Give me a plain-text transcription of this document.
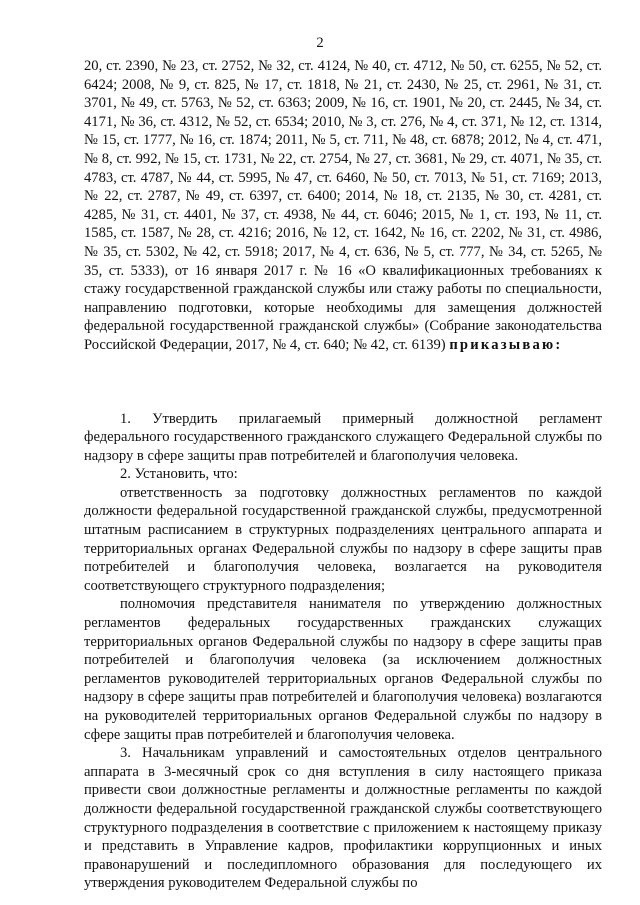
2

20, ст. 2390, № 23, ст. 2752, № 32, ст. 4124, № 40, ст. 4712, № 50, ст. 6255, № 52, ст. 6424; 2008, № 9, ст. 825, № 17, ст. 1818, № 21, ст. 2430, № 25, ст. 2961, № 31, ст. 3701, № 49, ст. 5763, № 52, ст. 6363; 2009, № 16, ст. 1901, № 20, ст. 2445, № 34, ст. 4171, № 36, ст. 4312, № 52, ст. 6534; 2010, № 3, ст. 276, № 4, ст. 371, № 12, ст. 1314, № 15, ст. 1777, № 16, ст. 1874; 2011, № 5, ст. 711, № 48, ст. 6878; 2012, № 4, ст. 471, № 8, ст. 992, № 15, ст. 1731, № 22, ст. 2754, № 27, ст. 3681, № 29, ст. 4071, № 35, ст. 4783, ст. 4787, № 44, ст. 5995, № 47, ст. 6460, № 50, ст. 7013, № 51, ст. 7169; 2013, № 22, ст. 2787, № 49, ст. 6397, ст. 6400; 2014, № 18, ст. 2135, № 30, ст. 4281, ст. 4285, № 31, ст. 4401, № 37, ст. 4938, № 44, ст. 6046; 2015, № 1, ст. 193, № 11, ст. 1585, ст. 1587, № 28, ст. 4216; 2016, № 12, ст. 1642, № 16, ст. 2202, № 31, ст. 4986, № 35, ст. 5302, № 42, ст. 5918; 2017, № 4, ст. 636, № 5, ст. 777, № 34, ст. 5265, № 35, ст. 5333), от 16 января 2017 г. № 16 «О квалификационных требованиях к стажу государственной гражданской службы или стажу работы по специальности, направлению подготовки, которые необходимы для замещения должностей федеральной государственной гражданской службы» (Собрание законодательства Российской Федерации, 2017, № 4, ст. 640; № 42, ст. 6139) приказываю:

1. Утвердить прилагаемый примерный должностной регламент федерального государственного гражданского служащего Федеральной службы по надзору в сфере защиты прав потребителей и благополучия человека.

2. Установить, что:

ответственность за подготовку должностных регламентов по каждой должности федеральной государственной гражданской службы, предусмотренной штатным расписанием в структурных подразделениях центрального аппарата и территориальных органах Федеральной службы по надзору в сфере защиты прав потребителей и благополучия человека, возлагается на руководителя соответствующего структурного подразделения;

полномочия представителя нанимателя по утверждению должностных регламентов федеральных государственных гражданских служащих территориальных органов Федеральной службы по надзору в сфере защиты прав потребителей и благополучия человека (за исключением должностных регламентов руководителей территориальных органов Федеральной службы по надзору в сфере защиты прав потребителей и благополучия человека) возлагаются на руководителей территориальных органов Федеральной службы по надзору в сфере защиты прав потребителей и благополучия человека.

3. Начальникам управлений и самостоятельных отделов центрального аппарата в 3-месячный срок со дня вступления в силу настоящего приказа привести свои должностные регламенты и должностные регламенты по каждой должности федеральной государственной гражданской службы соответствующего структурного подразделения в соответствие с приложением к настоящему приказу и представить в Управление кадров, профилактики коррупционных и иных правонарушений и последипломного образования для последующего их утверждения руководителем Федеральной службы по
